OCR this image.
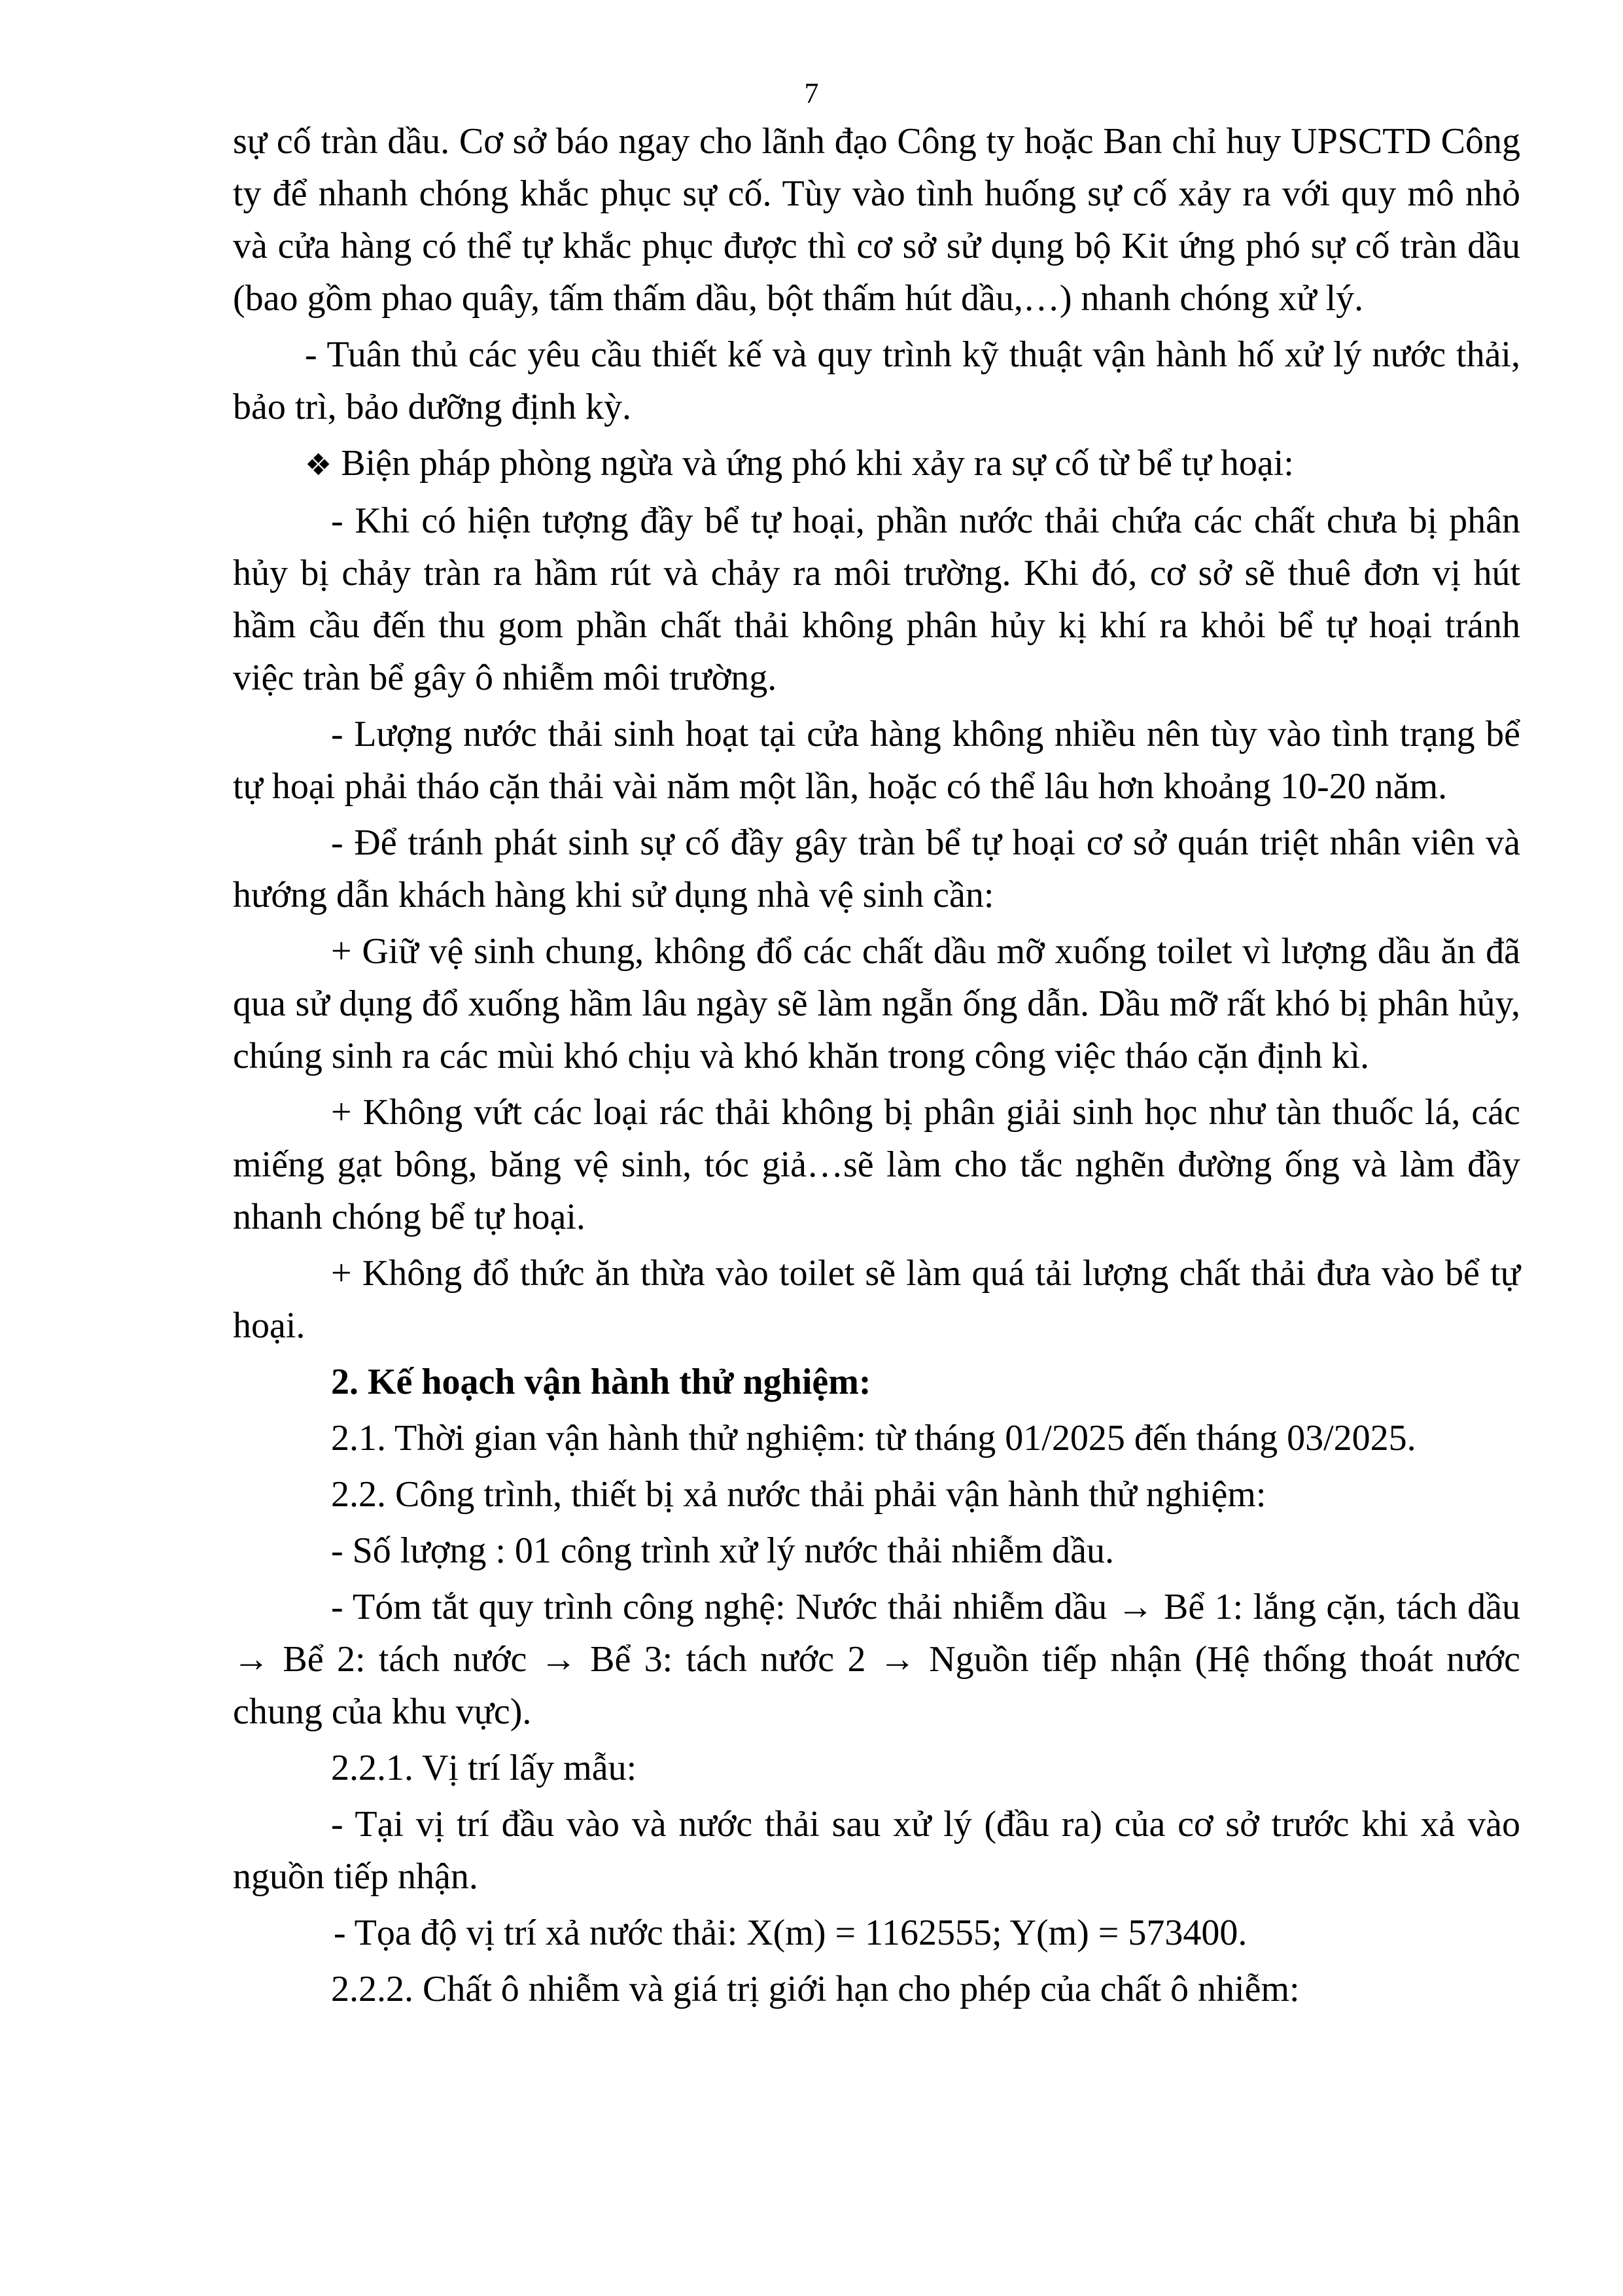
7

sự cố tràn dầu. Cơ sở báo ngay cho lãnh đạo Công ty hoặc Ban chỉ huy UPSCTD Công ty để nhanh chóng khắc phục sự cố. Tùy vào tình huống sự cố xảy ra với quy mô nhỏ và cửa hàng có thể tự khắc phục được thì cơ sở sử dụng bộ Kit ứng phó sự cố tràn dầu (bao gồm phao quây, tấm thấm dầu, bột thấm hút dầu,…) nhanh chóng xử lý.

- Tuân thủ các yêu cầu thiết kế và quy trình kỹ thuật vận hành hố xử lý nước thải, bảo trì, bảo dưỡng định kỳ.

❖ Biện pháp phòng ngừa và ứng phó khi xảy ra sự cố từ bể tự hoại:

- Khi có hiện tượng đầy bể tự hoại, phần nước thải chứa các chất chưa bị phân hủy bị chảy tràn ra hầm rút và chảy ra môi trường. Khi đó, cơ sở sẽ thuê đơn vị hút hầm cầu đến thu gom phần chất thải không phân hủy kị khí ra khỏi bể tự hoại tránh việc tràn bể gây ô nhiễm môi trường.

- Lượng nước thải sinh hoạt tại cửa hàng không nhiều nên tùy vào tình trạng bể tự hoại phải tháo cặn thải vài năm một lần, hoặc có thể lâu hơn khoảng 10-20 năm.

- Để tránh phát sinh sự cố đầy gây tràn bể tự hoại cơ sở quán triệt nhân viên và hướng dẫn khách hàng khi sử dụng nhà vệ sinh cần:

+ Giữ vệ sinh chung, không đổ các chất dầu mỡ xuống toilet vì lượng dầu ăn đã qua sử dụng đổ xuống hầm lâu ngày sẽ làm ngẵn ống dẫn. Dầu mỡ rất khó bị phân hủy, chúng sinh ra các mùi khó chịu và khó khăn trong công việc tháo cặn định kì.

+ Không vứt các loại rác thải không bị phân giải sinh học như tàn thuốc lá, các miếng gạt bông, băng vệ sinh, tóc giả…sẽ làm cho tắc nghẽn đường ống và làm đầy nhanh chóng bể tự hoại.

+ Không đổ thức ăn thừa vào toilet sẽ làm quá tải lượng chất thải đưa vào bể tự hoại.

2. Kế hoạch vận hành thử nghiệm:

2.1. Thời gian vận hành thử nghiệm: từ tháng 01/2025 đến tháng 03/2025.

2.2. Công trình, thiết bị xả nước thải phải vận hành thử nghiệm:

- Số lượng : 01 công trình xử lý nước thải nhiễm dầu.

- Tóm tắt quy trình công nghệ: Nước thải nhiễm dầu → Bể 1: lắng cặn, tách dầu → Bể 2: tách nước → Bể 3: tách nước 2 → Nguồn tiếp nhận (Hệ thống thoát nước chung của khu vực).

2.2.1. Vị trí lấy mẫu:

- Tại vị trí đầu vào và nước thải sau xử lý (đầu ra) của cơ sở trước khi xả vào nguồn tiếp nhận.

- Tọa độ vị trí xả nước thải: X(m) = 1162555; Y(m) = 573400.

2.2.2. Chất ô nhiễm và giá trị giới hạn cho phép của chất ô nhiễm:
